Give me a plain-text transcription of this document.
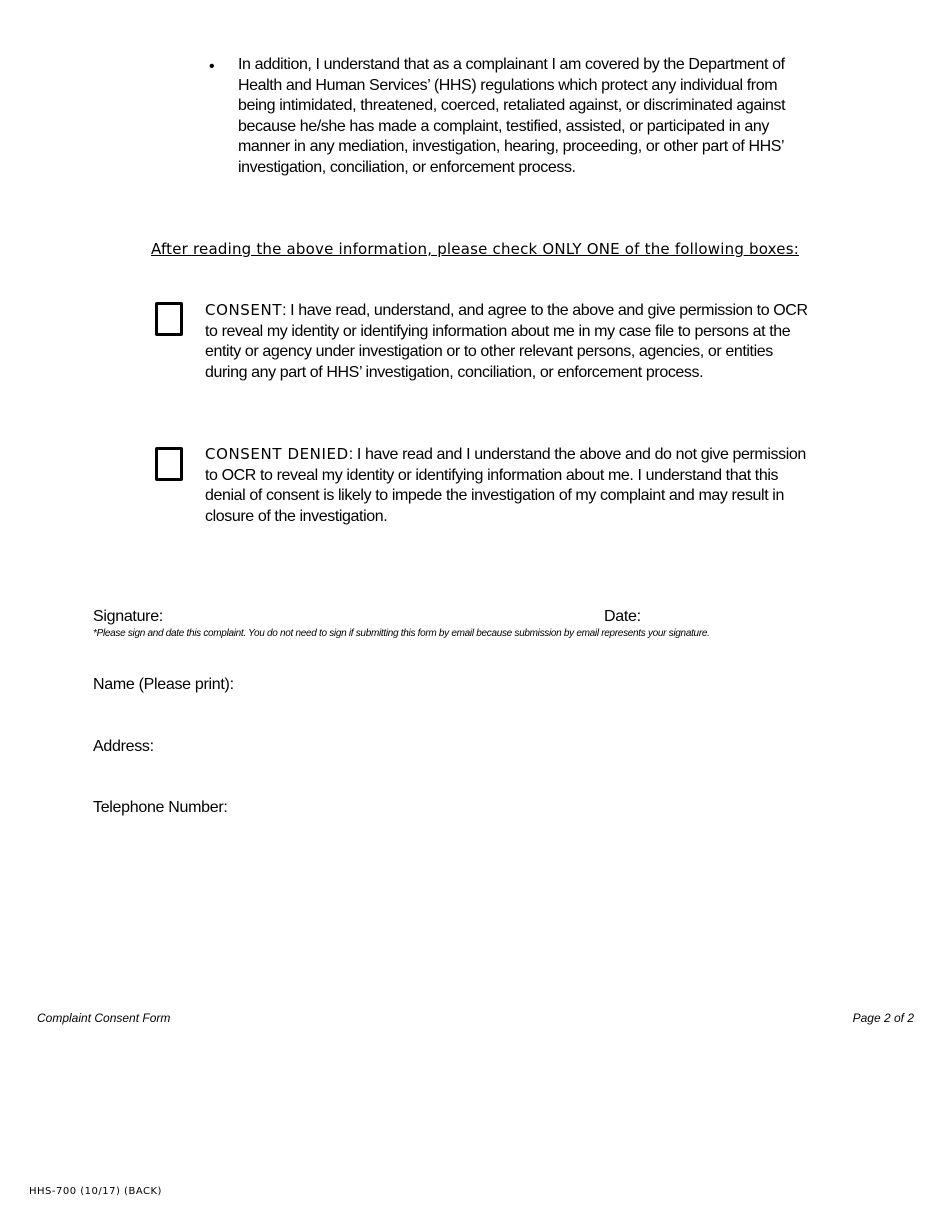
• In addition, I understand that as a complainant I am covered by the Department of Health and Human Services’ (HHS) regulations which protect any individual from being intimidated, threatened, coerced, retaliated against, or discriminated against because he/she has made a complaint, testified, assisted, or participated in any manner in any mediation, investigation, hearing, proceeding, or other part of HHS’ investigation, conciliation, or enforcement process.
After reading the above information, please check ONLY ONE of the following boxes:
CONSENT: I have read, understand, and agree to the above and give permission to OCR to reveal my identity or identifying information about me in my case file to persons at the entity or agency under investigation or to other relevant persons, agencies, or entities during any part of HHS’ investigation, conciliation, or enforcement process.
CONSENT DENIED: I have read and I understand the above and do not give permission to OCR to reveal my identity or identifying information about me. I understand that this denial of consent is likely to impede the investigation of my complaint and may result in closure of the investigation.
Signature:	Date:
*Please sign and date this complaint. You do not need to sign if submitting this form by email because submission by email represents your signature.
Name (Please print):
Address:
Telephone Number:
Complaint Consent Form	Page 2 of 2
HHS-700 (10/17) (BACK)
